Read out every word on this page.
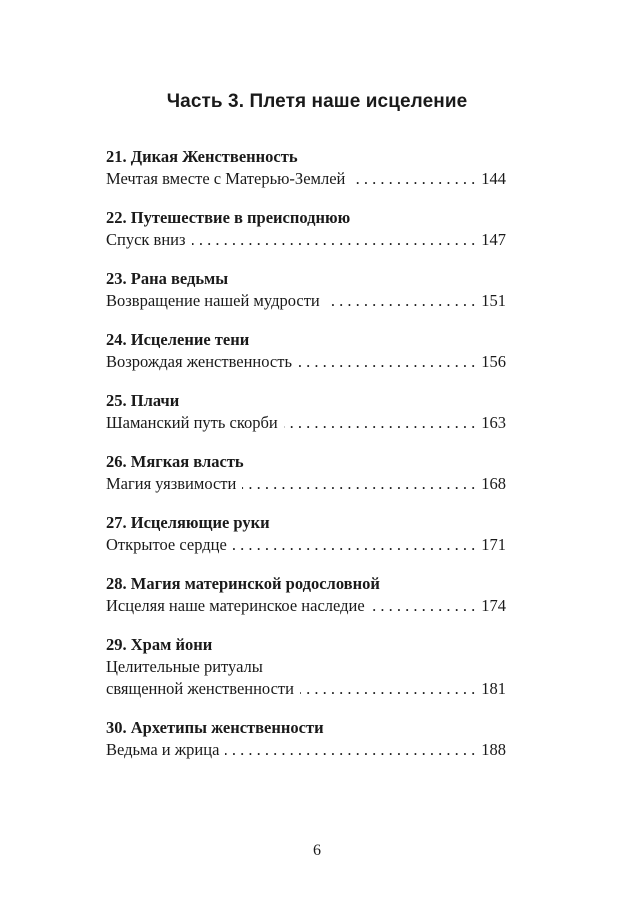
Часть 3. Плетя наше исцеление
21. Дикая Женственность
Мечтая вместе с Матерью-Землей . . .	144
22. Путешествие в преисподнюю
Спуск вниз . . .	147
23. Рана ведьмы
Возвращение нашей мудрости . . .	151
24. Исцеление тени
Возрождая женственность . . .	156
25. Плачи
Шаманский путь скорби . . .	163
26. Мягкая власть
Магия уязвимости . . .	168
27. Исцеляющие руки
Открытое сердце . . .	171
28. Магия материнской родословной
Исцеляя наше материнское наследие . . .	174
29. Храм йони
Целительные ритуалы
священной женственности . . .	181
30. Архетипы женственности
Ведьма и жрица . . .	188
6
